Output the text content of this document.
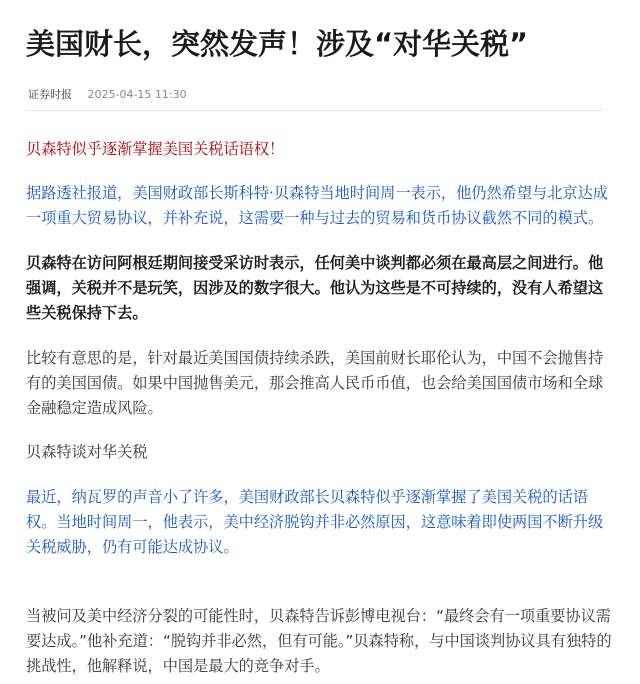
美国财长，突然发声！涉及“对华关税”
证券时报 2025-04-15 11:30

贝森特似乎逐渐掌握美国关税话语权！

据路透社报道，美国财政部长斯科特·贝森特当地时间周一表示，他仍然希望与北京达成一项重大贸易协议，并补充说，这需要一种与过去的贸易和货币协议截然不同的模式。

贝森特在访问阿根廷期间接受采访时表示，任何美中谈判都必须在最高层之间进行。他强调，关税并不是玩笑，因涉及的数字很大。他认为这些是不可持续的，没有人希望这些关税保持下去。

比较有意思的是，针对最近美国国债持续杀跌，美国前财长耶伦认为，中国不会抛售持有的美国国债。如果中国抛售美元，那会推高人民币币值，也会给美国国债市场和全球金融稳定造成风险。

贝森特谈对华关税

最近，纳瓦罗的声音小了许多，美国财政部长贝森特似乎逐渐掌握了美国关税的话语权。当地时间周一，他表示，美中经济脱钩并非必然原因，这意味着即使两国不断升级关税威胁，仍有可能达成协议。

当被问及美中经济分裂的可能性时，贝森特告诉彭博电视台：“最终会有一项重要协议需要达成。”他补充道：“脱钩并非必然，但有可能。”贝森特称，与中国谈判协议具有独特的挑战性，他解释说，中国是最大的竞争对手。
